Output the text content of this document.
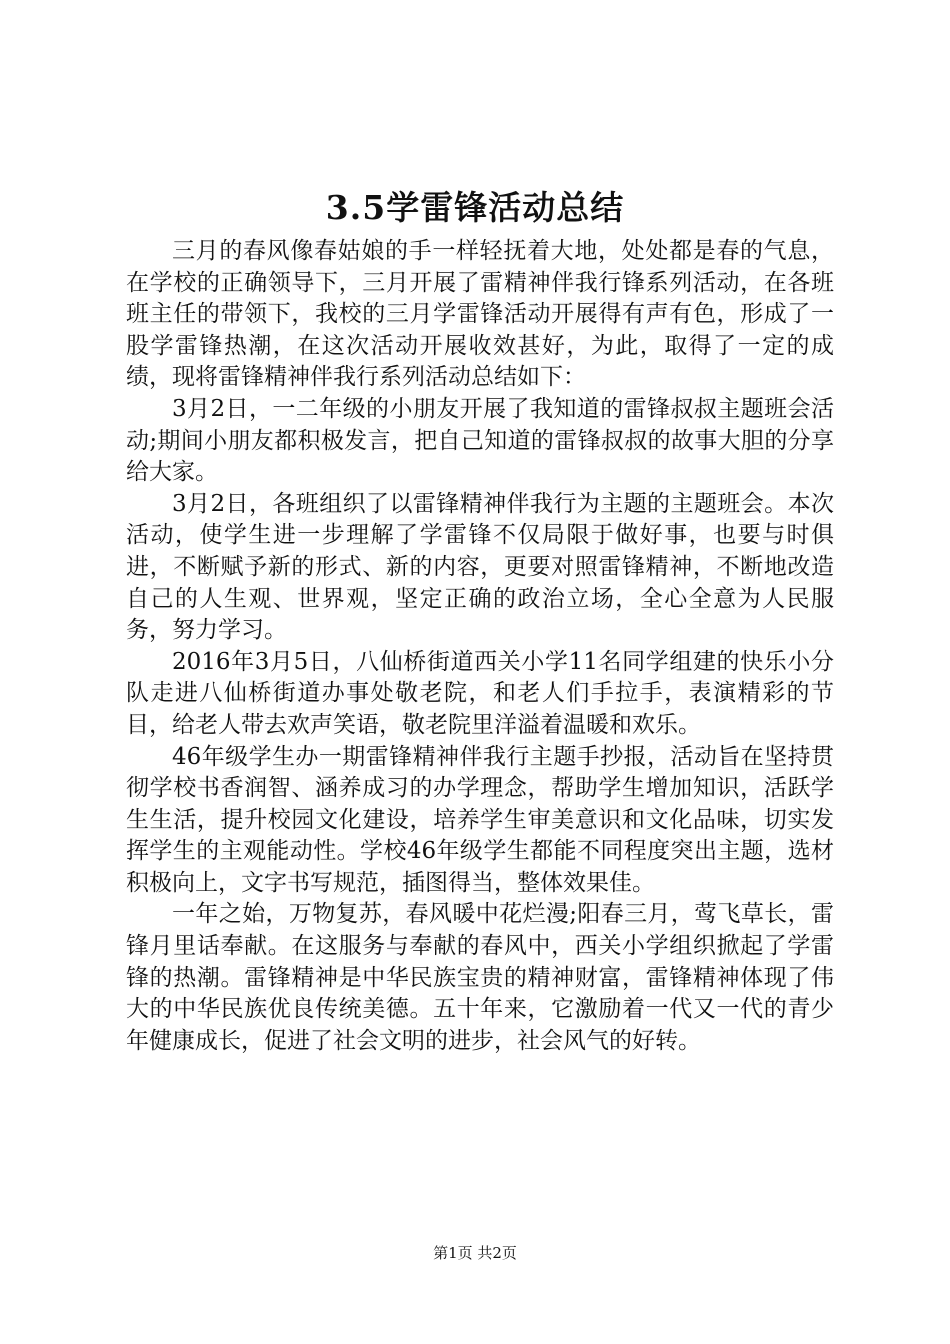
3.5学雷锋活动总结

三月的春风像春姑娘的手一样轻抚着大地，处处都是春的气息，在学校的正确领导下，三月开展了雷精神伴我行锋系列活动，在各班班主任的带领下，我校的三月学雷锋活动开展得有声有色，形成了一股学雷锋热潮，在这次活动开展收效甚好，为此，取得了一定的成绩，现将雷锋精神伴我行系列活动总结如下：

3月2日，一二年级的小朋友开展了我知道的雷锋叔叔主题班会活动;期间小朋友都积极发言，把自己知道的雷锋叔叔的故事大胆的分享给大家。

3月2日，各班组织了以雷锋精神伴我行为主题的主题班会。本次活动，使学生进一步理解了学雷锋不仅局限于做好事，也要与时俱进，不断赋予新的形式、新的内容，更要对照雷锋精神，不断地改造自己的人生观、世界观，坚定正确的政治立场，全心全意为人民服务，努力学习。

2016年3月5日，八仙桥街道西关小学11名同学组建的快乐小分队走进八仙桥街道办事处敬老院，和老人们手拉手，表演精彩的节目，给老人带去欢声笑语，敬老院里洋溢着温暖和欢乐。

46年级学生办一期雷锋精神伴我行主题手抄报，活动旨在坚持贯彻学校书香润智、涵养成习的办学理念，帮助学生增加知识，活跃学生生活，提升校园文化建设，培养学生审美意识和文化品味，切实发挥学生的主观能动性。学校46年级学生都能不同程度突出主题，选材积极向上，文字书写规范，插图得当，整体效果佳。

一年之始，万物复苏，春风暖中花烂漫;阳春三月，莺飞草长，雷锋月里话奉献。在这服务与奉献的春风中，西关小学组织掀起了学雷锋的热潮。雷锋精神是中华民族宝贵的精神财富，雷锋精神体现了伟大的中华民族优良传统美德。五十年来，它激励着一代又一代的青少年健康成长，促进了社会文明的进步，社会风气的好转。

第1页 共2页
